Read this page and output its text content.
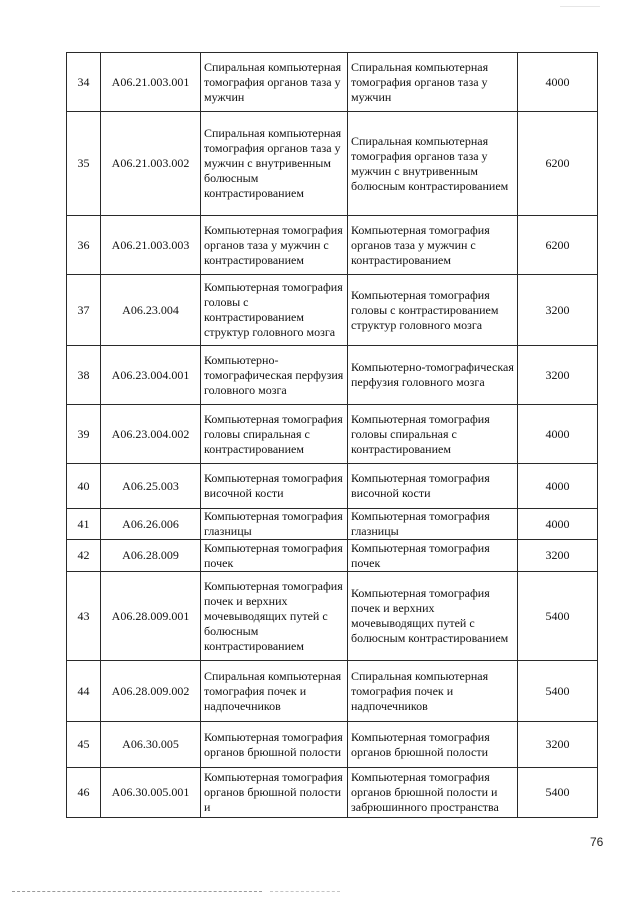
34	A06.21.003.001	Спиральная компьютерная томография органов таза у мужчин	Спиральная компьютерная томография органов таза у мужчин	4000
35	A06.21.003.002	Спиральная компьютерная томография органов таза у мужчин с внутривенным болюсным контрастированием	Спиральная компьютерная томография органов таза у мужчин с внутривенным болюсным контрастированием	6200
36	A06.21.003.003	Компьютерная томография органов таза у мужчин с контрастированием	Компьютерная томография органов таза у мужчин с контрастированием	6200
37	A06.23.004	Компьютерная томография головы с контрастированием структур головного мозга	Компьютерная томография головы с контрастированием структур головного мозга	3200
38	A06.23.004.001	Компьютерно-томографическая перфузия головного мозга	Компьютерно-томографическая перфузия головного мозга	3200
39	A06.23.004.002	Компьютерная томография головы спиральная с контрастированием	Компьютерная томография головы спиральная с контрастированием	4000
40	A06.25.003	Компьютерная томография височной кости	Компьютерная томография височной кости	4000
41	A06.26.006	Компьютерная томография глазницы	Компьютерная томография глазницы	4000
42	A06.28.009	Компьютерная томография почек	Компьютерная томография почек	3200
43	A06.28.009.001	Компьютерная томография почек и верхних мочевыводящих путей с болюсным контрастированием	Компьютерная томография почек и верхних мочевыводящих путей с болюсным контрастированием	5400
44	A06.28.009.002	Спиральная компьютерная томография почек и надпочечников	Спиральная компьютерная томография почек и надпочечников	5400
45	A06.30.005	Компьютерная томография органов брюшной полости	Компьютерная томография органов брюшной полости	3200
46	A06.30.005.001	Компьютерная томография органов брюшной полости и	Компьютерная томография органов брюшной полости и забрюшинного пространства	5400
76
